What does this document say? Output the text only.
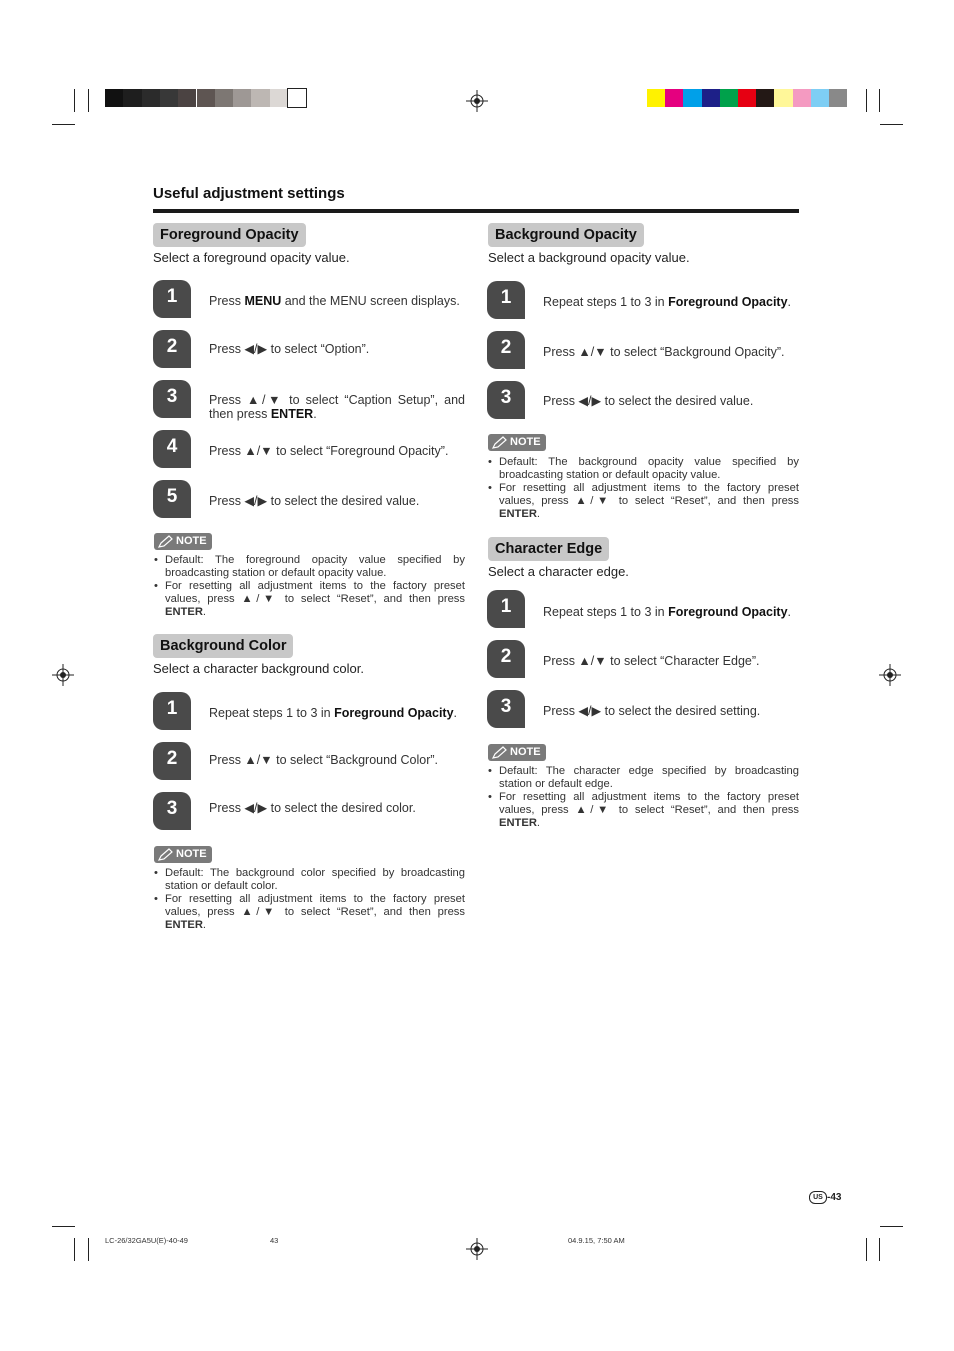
Useful adjustment settings
Foreground Opacity
Select a foreground opacity value.
1	Press MENU and the MENU screen displays.
2	Press ◀/▶ to select “Option”.
3	Press ▲/▼ to select “Caption Setup”, and then press ENTER.
4	Press ▲/▼ to select “Foreground Opacity”.
5	Press ◀/▶ to select the desired value.
NOTE
• Default: The foreground opacity value specified by broadcasting station or default opacity value.
• For resetting all adjustment items to the factory preset values, press ▲/▼ to select “Reset”, and then press ENTER.
Background Color
Select a character background color.
1	Repeat steps 1 to 3 in Foreground Opacity.
2	Press ▲/▼ to select “Background Color”.
3	Press ◀/▶ to select the desired color.
NOTE
• Default: The background color specified by broadcasting station or default color.
• For resetting all adjustment items to the factory preset values, press ▲/▼ to select “Reset”, and then press ENTER.
Background Opacity
Select a background opacity value.
1	Repeat steps 1 to 3 in Foreground Opacity.
2	Press ▲/▼ to select “Background Opacity”.
3	Press ◀/▶ to select the desired value.
NOTE
• Default: The background opacity value specified by broadcasting station or default opacity value.
• For resetting all adjustment items to the factory preset values, press ▲/▼ to select “Reset”, and then press ENTER.
Character Edge
Select a character edge.
1	Repeat steps 1 to 3 in Foreground Opacity.
2	Press ▲/▼ to select “Character Edge”.
3	Press ◀/▶ to select the desired setting.
NOTE
• Default: The character edge specified by broadcasting station or default edge.
• For resetting all adjustment items to the factory preset values, press ▲/▼ to select “Reset”, and then press ENTER.
US -43
LC-26/32GA5U(E)-40-49	43	04.9.15, 7:50 AM
